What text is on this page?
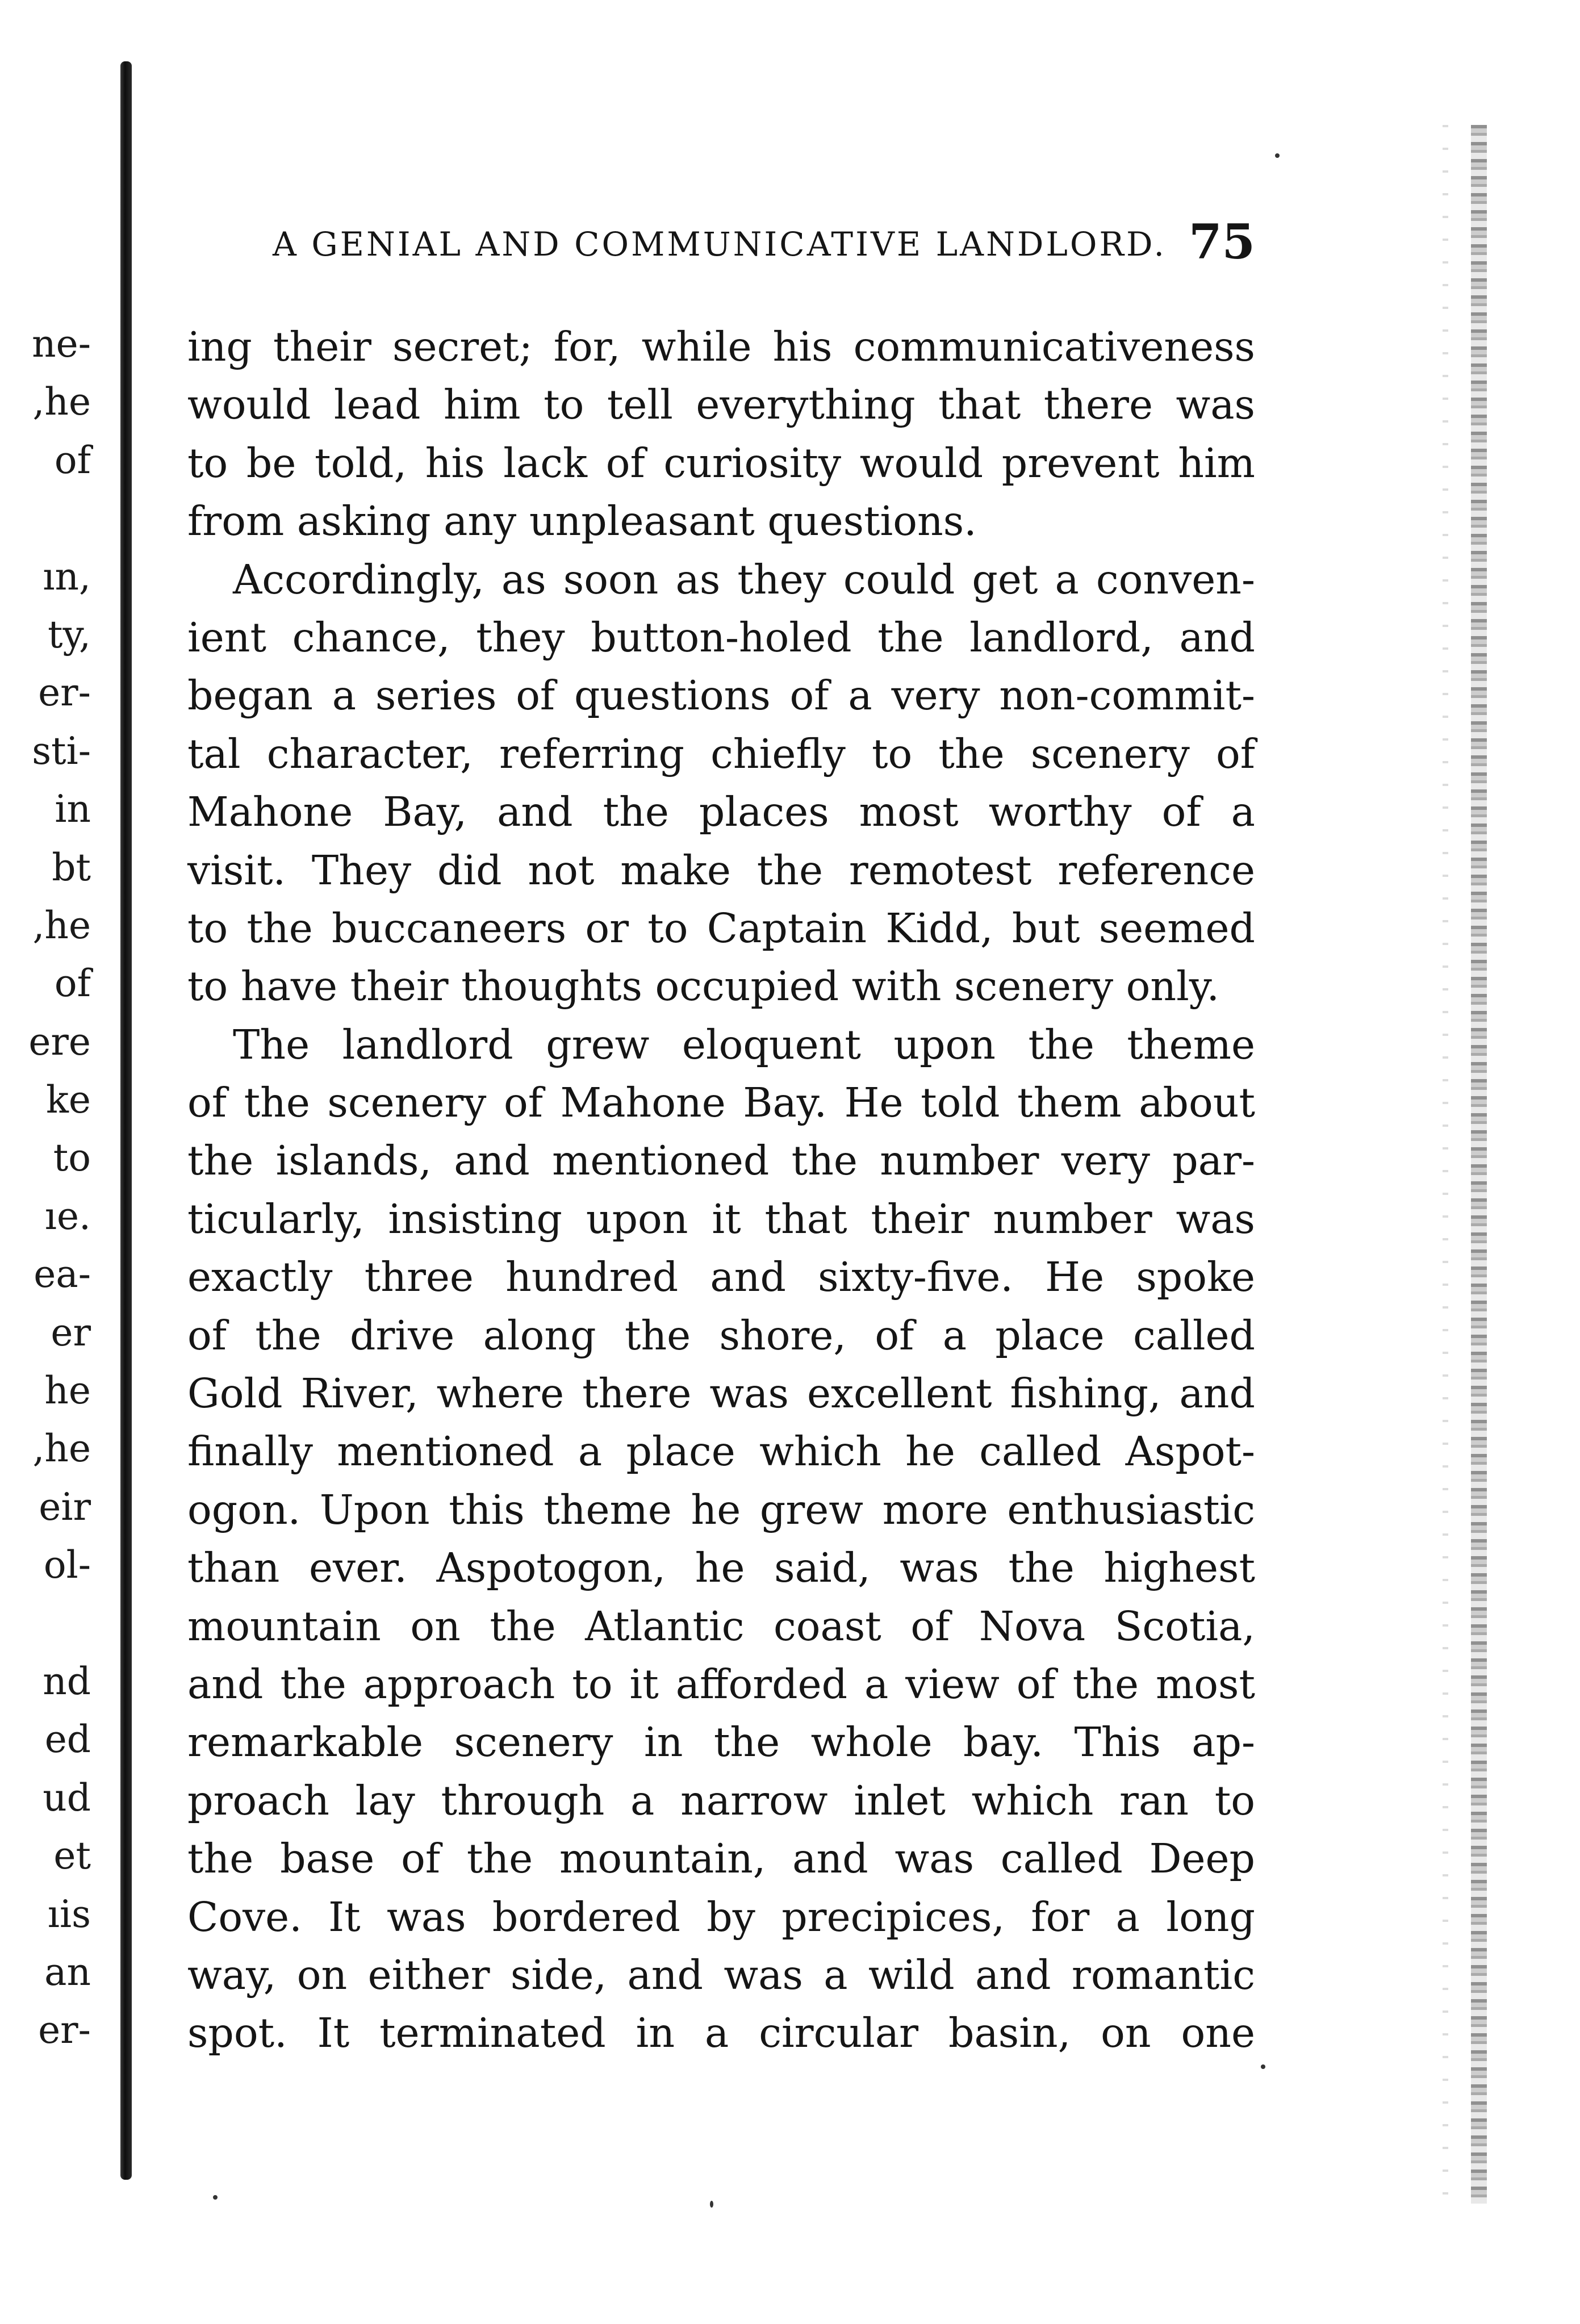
ne-
,he
of
ın,
ty,
er-
sti-
in
bt
,he
of
ere
ke
to
ıe.
ea-
er
he
,he
eir
ol-
nd
ed
ud
et
ıis
an
er-
A GENIAL AND COMMUNICATIVE LANDLORD. 75
ing their secret; for, while his communicativeness
would lead him to tell everything that there was
to be told, his lack of curiosity would prevent him
from asking any unpleasant questions.
Accordingly, as soon as they could get a conven-
ient chance, they button-holed the landlord, and
began a series of questions of a very non-commit-
tal character, referring chiefly to the scenery of
Mahone Bay, and the places most worthy of a
visit. They did not make the remotest reference
to the buccaneers or to Captain Kidd, but seemed
to have their thoughts occupied with scenery only.
The landlord grew eloquent upon the theme
of the scenery of Mahone Bay. He told them about
the islands, and mentioned the number very par-
ticularly, insisting upon it that their number was
exactly three hundred and sixty-five. He spoke
of the drive along the shore, of a place called
Gold River, where there was excellent fishing, and
finally mentioned a place which he called Aspot-
ogon. Upon this theme he grew more enthusiastic
than ever. Aspotogon, he said, was the highest
mountain on the Atlantic coast of Nova Scotia,
and the approach to it afforded a view of the most
remarkable scenery in the whole bay. This ap-
proach lay through a narrow inlet which ran to
the base of the mountain, and was called Deep
Cove. It was bordered by precipices, for a long
way, on either side, and was a wild and romantic
spot. It terminated in a circular basin, on one
